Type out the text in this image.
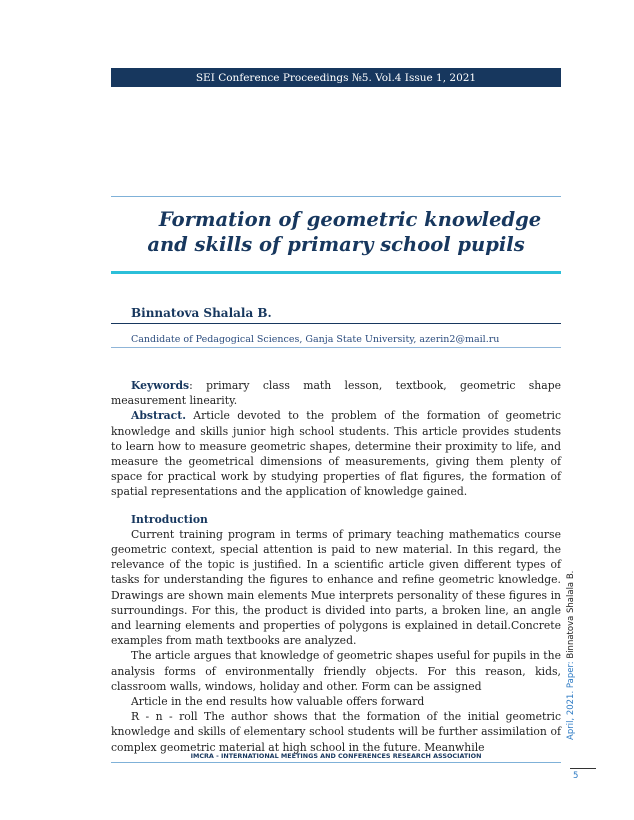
SEI Conference Proceedings №5. Vol.4 Issue 1, 2021
Formation of geometric knowledge
and skills of primary school pupils
Binnatova Shalala B.
Candidate of Pedagogical Sciences, Ganja State University, azerin2@mail.ru

Keywords: primary class math lesson, textbook, geometric shape measurement linearity.

Abstract. Article devoted to the problem of the formation of geometric knowledge and skills junior high school students. This article provides students to learn how to measure geometric shapes, determine their proximity to life, and measure the geometrical dimensions of measurements, giving them plenty of space for practical work by studying properties of flat figures, the formation of spatial representations and the application of knowledge gained.

Introduction

Current training program in terms of primary teaching mathematics course geometric context, special attention is paid to new material. In this regard, the relevance of the topic is justified. In a scientific article given different types of tasks for understanding the figures to enhance and refine geometric knowledge. Drawings are shown main elements Mue interprets personality of these figures in surroundings. For this, the product is divided into parts, a broken line, an angle and learning elements and properties of polygons is explained in detail.Concrete examples from math textbooks are analyzed.

The article argues that knowledge of geometric shapes useful for pupils in the analysis forms of environmentally friendly objects. For this reason, kids, classroom walls, windows, holiday and other. Form can be assigned

Article in the end results how valuable offers forward

R - n - roll The author shows that the formation of the initial geometric knowledge and skills of elementary school students will be further assimilation of complex geometric material at high school in the future. Meanwhile

IMCRA - INTERNATIONAL MEETINGS AND CONFERENCES RESEARCH ASSOCIATION
April, 2021. Paper: Binnatova Shalala B.
5
